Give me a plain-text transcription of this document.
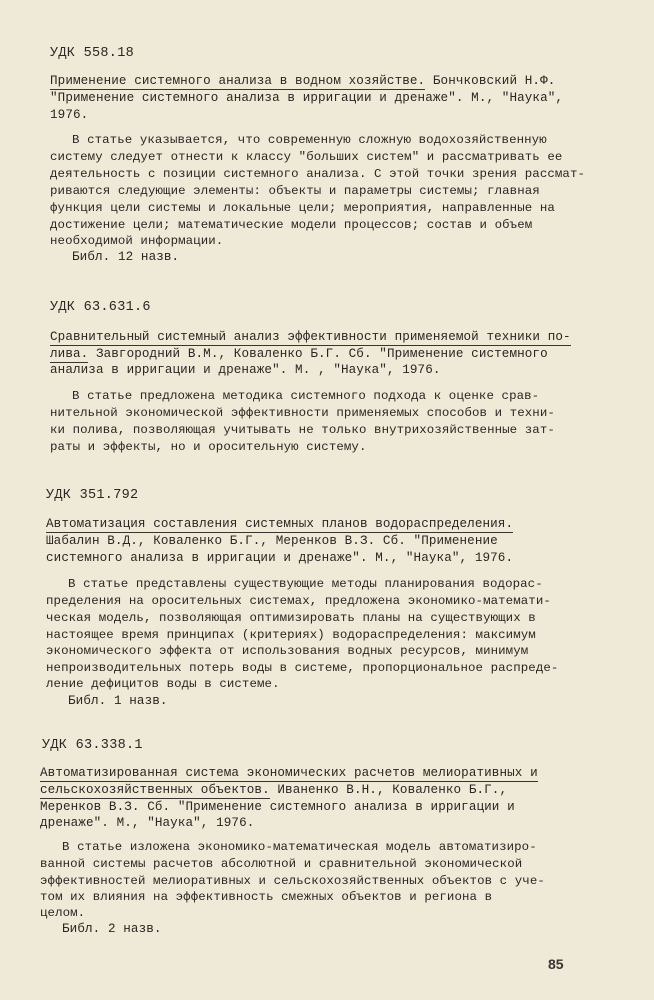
УДК 558.18
Применение системного анализа в водном хозяйстве. Бончковский Н.Ф.
"Применение системного анализа в ирригации и дренаже". М., "Наука",
1976.
В статье указывается, что современную сложную водохозяйственную
систему следует отнести к классу "больших систем" и рассматривать ее
деятельность с позиции системного анализа. С этой точки зрения рассмат-
риваются следующие элементы: объекты и параметры системы; главная
функция цели системы и локальные цели; мероприятия, направленные на
достижение цели; математические модели процессов; состав и объем
необходимой информации.
Библ. 12 назв.
УДК 63.631.6
Сравнительный системный анализ эффективности применяемой техники по-
лива. Завгородний В.М., Коваленко Б.Г. Сб. "Применение системного
анализа в ирригации и дренаже". М. , "Наука", 1976.
В статье предложена методика системного подхода к оценке срав-
нительной экономической эффективности применяемых способов и техни-
ки полива, позволяющая учитывать не только внутрихозяйственные зат-
раты и эффекты, но и оросительную систему.
УДК 351.792
Автоматизация составления системных планов водораспределения.
Шабалин В.Д., Коваленко Б.Г., Меренков В.З. Сб. "Применение
системного анализа в ирригации и дренаже". М., "Наука", 1976.
В статье представлены существующие методы планирования водорас-
пределения на оросительных системах, предложена экономико-математи-
ческая модель, позволяющая оптимизировать планы на существующих в
настоящее время принципах (критериях) водораспределения: максимум
экономического эффекта от использования водных ресурсов, минимум
непроизводительных потерь воды в системе, пропорциональное распреде-
ление дефицитов воды в системе.
Библ. 1 назв.
УДК 63.338.1
Автоматизированная система экономических расчетов мелиоративных и
сельскохозяйственных объектов. Иваненко В.Н., Коваленко Б.Г.,
Меренков В.З. Сб. "Применение системного анализа в ирригации и
дренаже". М., "Наука", 1976.
В статье изложена экономико-математическая модель автоматизиро-
ванной системы расчетов абсолютной и сравнительной экономической
эффективностей мелиоративных и сельскохозяйственных объектов с уче-
том их влияния на эффективность смежных объектов и региона в
целом.
Библ. 2 назв.
85
